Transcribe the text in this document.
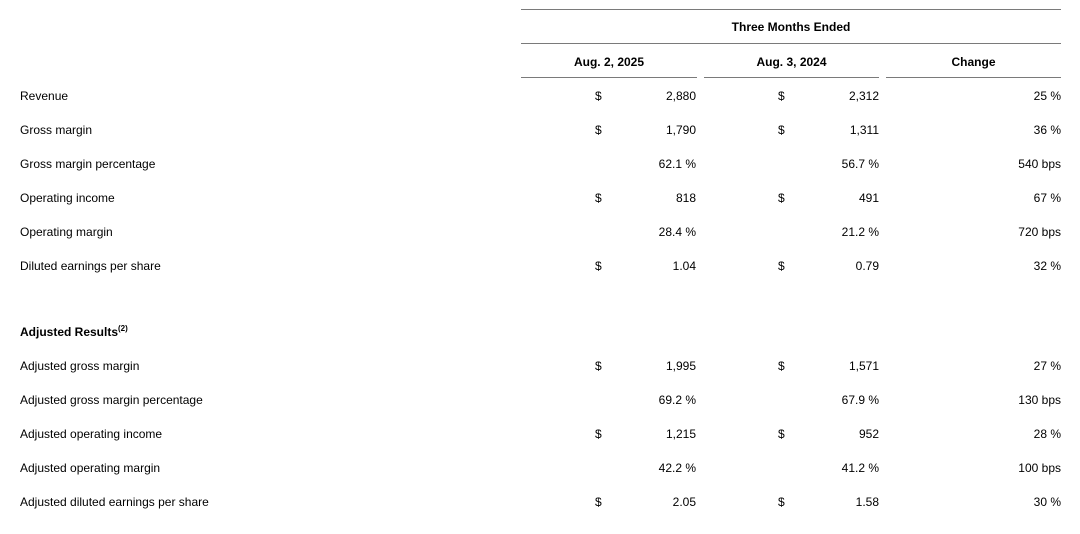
Three Months Ended
Aug. 2, 2025	Aug. 3, 2024	Change
Revenue	$	2,880	$	2,312	25 %
Gross margin	$	1,790	$	1,311	36 %
Gross margin percentage	62.1 %	56.7 %	540 bps
Operating income	$	818	$	491	67 %
Operating margin	28.4 %	21.2 %	720 bps
Diluted earnings per share	$	1.04	$	0.79	32 %
Adjusted Results$^{(2)}$
Adjusted gross margin	$	1,995	$	1,571	27 %
Adjusted gross margin percentage	69.2 %	67.9 %	130 bps
Adjusted operating income	$	1,215	$	952	28 %
Adjusted operating margin	42.2 %	41.2 %	100 bps
Adjusted diluted earnings per share	$	2.05	$	1.58	30 %
